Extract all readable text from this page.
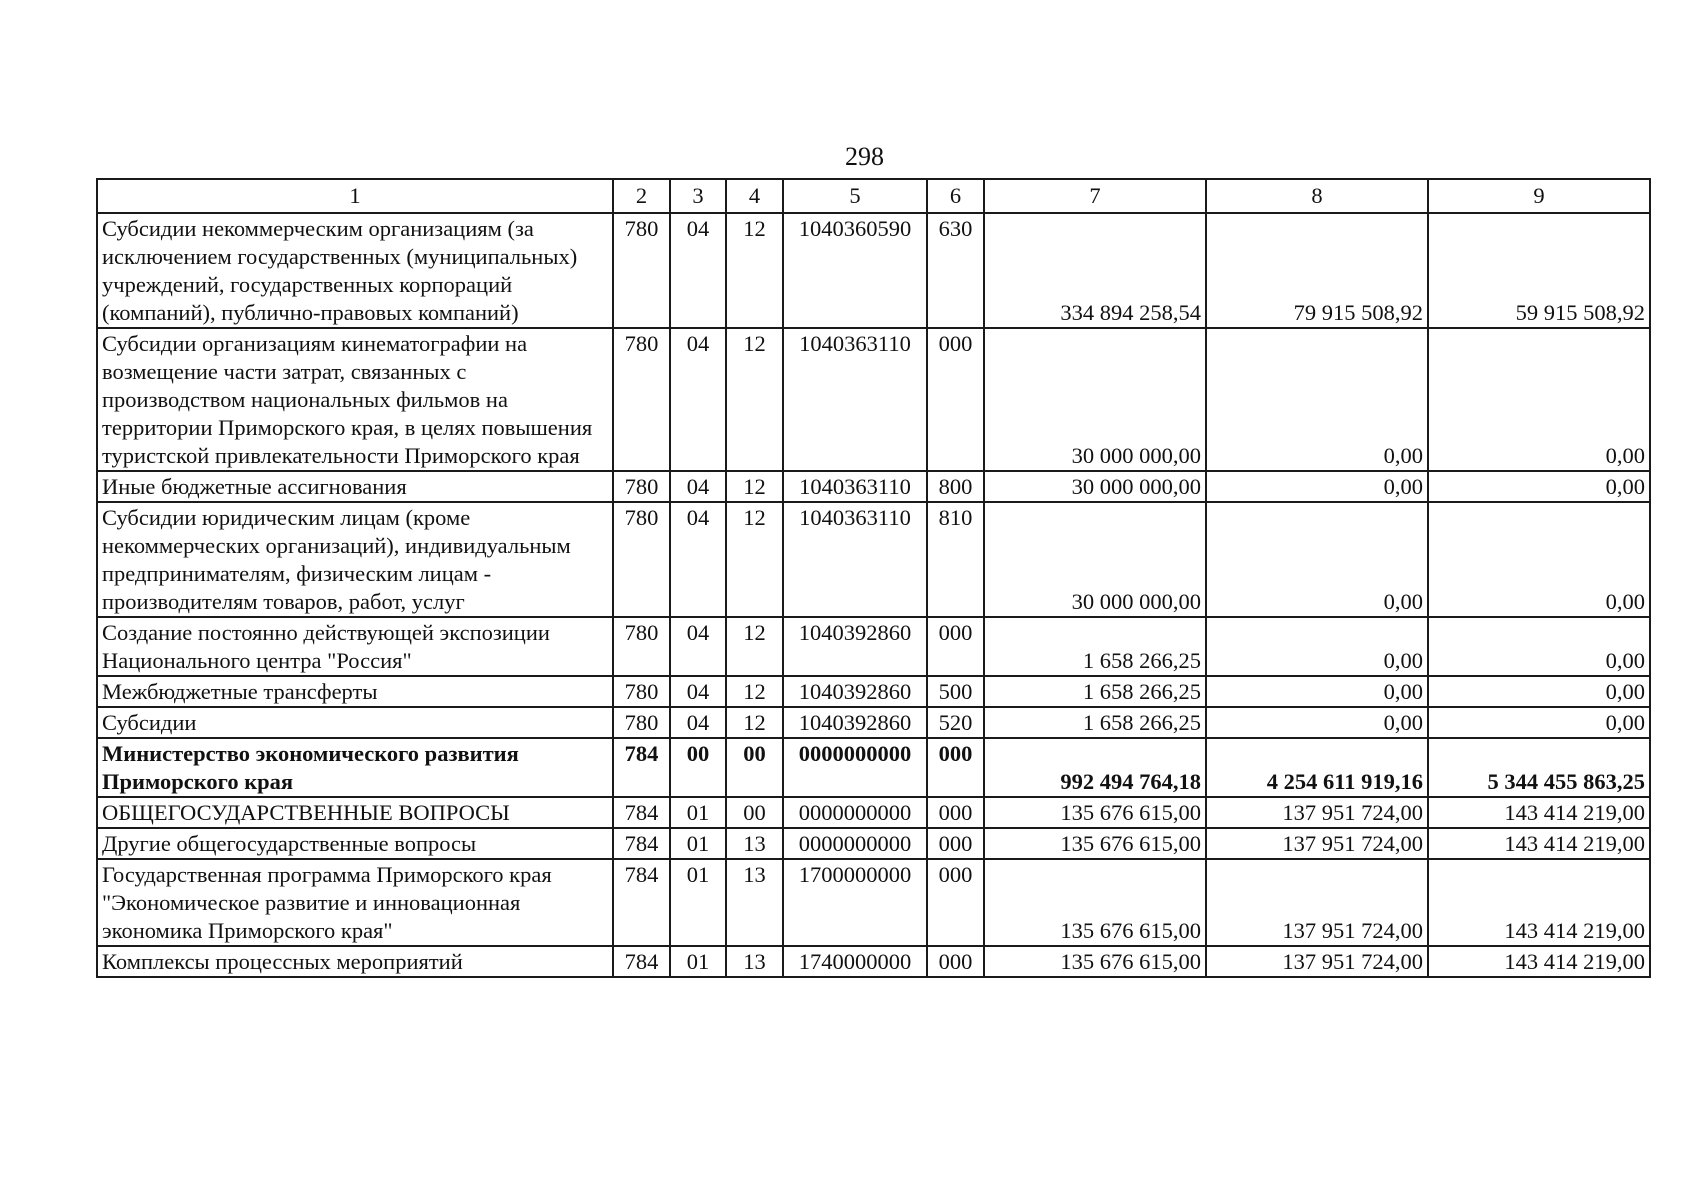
298
1	2	3	4	5	6	7	8	9
Субсидии некоммерческим организациям (за исключением государственных (муниципальных) учреждений, государственных корпораций (компаний), публично-правовых компаний)	780	04	12	1040360590	630	334 894 258,54	79 915 508,92	59 915 508,92
Субсидии организациям кинематографии на возмещение части затрат, связанных с производством национальных фильмов на территории Приморского края, в целях повышения туристской привлекательности Приморского края	780	04	12	1040363110	000	30 000 000,00	0,00	0,00
Иные бюджетные ассигнования	780	04	12	1040363110	800	30 000 000,00	0,00	0,00
Субсидии юридическим лицам (кроме некоммерческих организаций), индивидуальным предпринимателям, физическим лицам - производителям товаров, работ, услуг	780	04	12	1040363110	810	30 000 000,00	0,00	0,00
Создание постоянно действующей экспозиции Национального центра "Россия"	780	04	12	1040392860	000	1 658 266,25	0,00	0,00
Межбюджетные трансферты	780	04	12	1040392860	500	1 658 266,25	0,00	0,00
Субсидии	780	04	12	1040392860	520	1 658 266,25	0,00	0,00
Министерство экономического развития Приморского края	784	00	00	0000000000	000	992 494 764,18	4 254 611 919,16	5 344 455 863,25
ОБЩЕГОСУДАРСТВЕННЫЕ ВОПРОСЫ	784	01	00	0000000000	000	135 676 615,00	137 951 724,00	143 414 219,00
Другие общегосударственные вопросы	784	01	13	0000000000	000	135 676 615,00	137 951 724,00	143 414 219,00
Государственная программа Приморского края "Экономическое развитие и инновационная экономика Приморского края"	784	01	13	1700000000	000	135 676 615,00	137 951 724,00	143 414 219,00
Комплексы процессных мероприятий	784	01	13	1740000000	000	135 676 615,00	137 951 724,00	143 414 219,00
